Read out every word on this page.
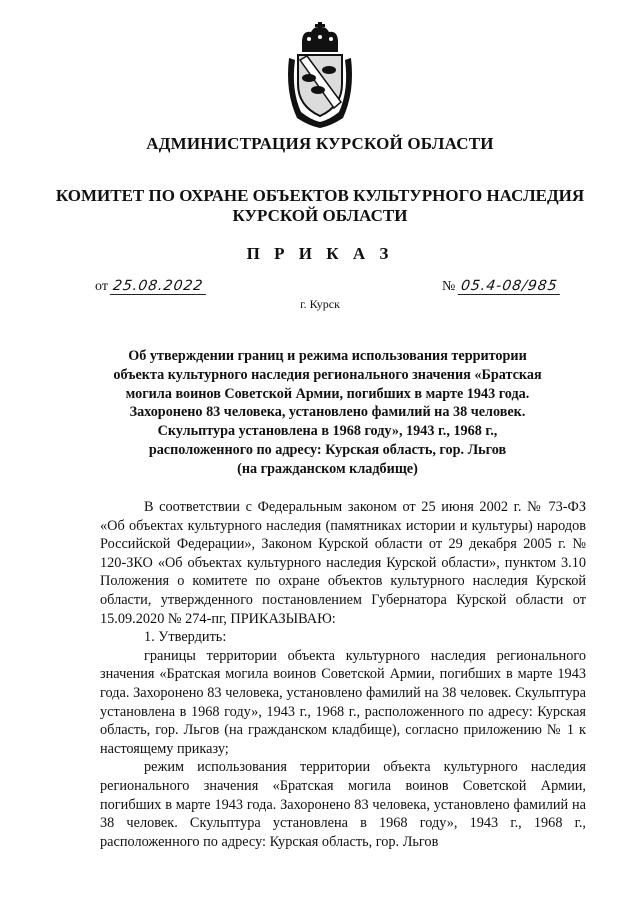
АДМИНИСТРАЦИЯ КУРСКОЙ ОБЛАСТИ
КОМИТЕТ ПО ОХРАНЕ ОБЪЕКТОВ КУЛЬТУРНОГО НАСЛЕДИЯ
КУРСКОЙ ОБЛАСТИ
П Р И К А З
от 25.08.2022	№ 05.4-08/985
г. Курск
Об утверждении границ и режима использования территории
объекта культурного наследия регионального значения «Братская
могила воинов Советской Армии, погибших в марте 1943 года.
Захоронено 83 человека, установлено фамилий на 38 человек.
Скульптура установлена в 1968 году», 1943 г., 1968 г.,
расположенного по адресу: Курская область, гор. Льгов
(на гражданском кладбище)

В соответствии с Федеральным законом от 25 июня 2002 г. № 73-ФЗ «Об объектах культурного наследия (памятниках истории и культуры) народов Российской Федерации», Законом Курской области от 29 декабря 2005 г. № 120-ЗКО «Об объектах культурного наследия Курской области», пунктом 3.10 Положения о комитете по охране объектов культурного наследия Курской области, утвержденного постановлением Губернатора Курской области от 15.09.2020 № 274-пг, ПРИКАЗЫВАЮ:

1. Утвердить:

границы территории объекта культурного наследия регионального значения «Братская могила воинов Советской Армии, погибших в марте 1943 года. Захоронено 83 человека, установлено фамилий на 38 человек. Скульптура установлена в 1968 году», 1943 г., 1968 г., расположенного по адресу: Курская область, гор. Льгов (на гражданском кладбище), согласно приложению № 1 к настоящему приказу;

режим использования территории объекта культурного наследия регионального значения «Братская могила воинов Советской Армии, погибших в марте 1943 года. Захоронено 83 человека, установлено фамилий на 38 человек. Скульптура установлена в 1968 году», 1943 г., 1968 г., расположенного по адресу: Курская область, гор. Льгов
